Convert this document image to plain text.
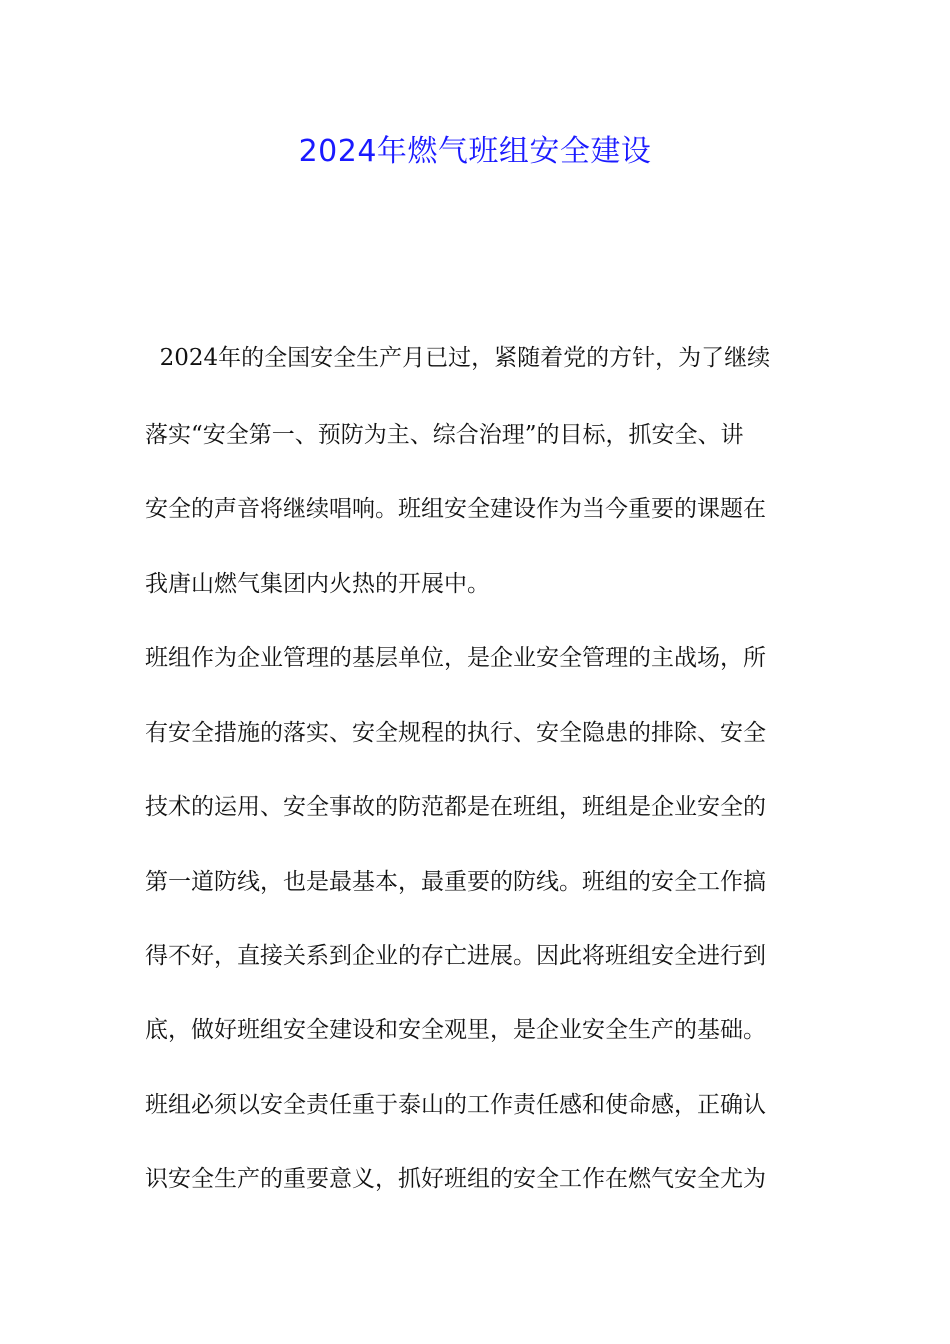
2024年燃气班组安全建设

2024年的全国安全生产月已过，紧随着党的方针，为了继续

落实“安全第一、预防为主、综合治理”的目标，抓安全、讲

安全的声音将继续唱响。班组安全建设作为当今重要的课题在

我唐山燃气集团内火热的开展中。

班组作为企业管理的基层单位，是企业安全管理的主战场，所

有安全措施的落实、安全规程的执行、安全隐患的排除、安全

技术的运用、安全事故的防范都是在班组，班组是企业安全的

第一道防线，也是最基本，最重要的防线。班组的安全工作搞

得不好，直接关系到企业的存亡进展。因此将班组安全进行到

底，做好班组安全建设和安全观里，是企业安全生产的基础。

班组必须以安全责任重于泰山的工作责任感和使命感，正确认

识安全生产的重要意义，抓好班组的安全工作在燃气安全尤为
